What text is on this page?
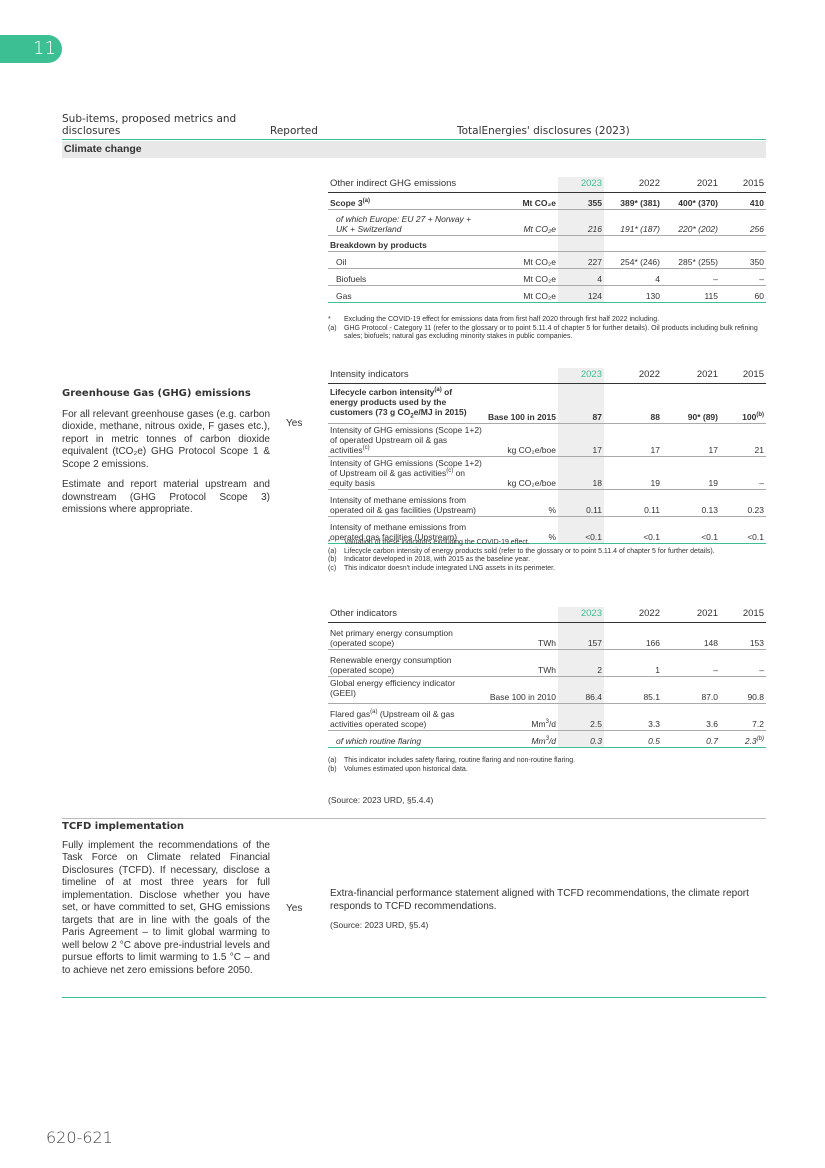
11
Sub-items, proposed metrics and disclosures	Reported	TotalEnergies' disclosures (2023)
Climate change
Other indirect GHG emissions		2023	2022	2021	2015
Scope 3$^{(a)}$	Mt CO₂e	355	389* (381)	400* (370)	410
of which Europe: EU 27 + Norway + UK + Switzerland	Mt CO₂e	216	191* (187)	220* (202)	256
Breakdown by products					
Oil	Mt CO₂e	227	254* (246)	285* (255)	350
Biofuels	Mt CO₂e	4	4	–	–
Gas	Mt CO₂e	124	130	115	60
*	Excluding the COVID-19 effect for emissions data from first half 2020 through first half 2022 including.
(a)	GHG Protocol - Category 11 (refer to the glossary or to point 5.11.4 of chapter 5 for further details). Oil products including bulk refining sales; biofuels; natural gas excluding minority stakes in public companies.
Greenhouse Gas (GHG) emissions

For all relevant greenhouse gases (e.g. carbon dioxide, methane, nitrous oxide, F gases etc.), report in metric tonnes of carbon dioxide equivalent (tCO₂e) GHG Protocol Scope 1 & Scope 2 emissions.

Estimate and report material upstream and downstream (GHG Protocol Scope 3) emissions where appropriate.

Yes
Intensity indicators		2023	2022	2021	2015
Lifecycle carbon intensity$^{(a)}$ of energy products used by the customers (73 g $CO_2e/MJ$ in 2015)	Base 100 in 2015	87	88	90* (89)	100$^{(b)}$
Intensity of GHG emissions (Scope 1+2) of operated Upstream oil & gas activities$^{(c)}$	kg CO₂e/boe	17	17	17	21
Intensity of GHG emissions (Scope 1+2) of Upstream oil & gas activities$^{(c)}$ on equity basis	kg CO₂e/boe	18	19	19	–
Intensity of methane emissions from operated oil & gas facilities (Upstream)	%	0.11	0.11	0.13	0.23
Intensity of methane emissions from operated gas facilities (Upstream)	%	<0.1	<0.1	<0.1	<0.1
*	Valuation of these indicators excluding the COVID-19 effect.
(a)	Lifecycle carbon intensity of energy products sold (refer to the glossary or to point 5.11.4 of chapter 5 for further details).
(b)	Indicator developed in 2018, with 2015 as the baseline year.
(c)	This indicator doesn't include integrated LNG assets in its perimeter.
Other indicators		2023	2022	2021	2015
Net primary energy consumption (operated scope)	TWh	157	166	148	153
Renewable energy consumption (operated scope)	TWh	2	1	–	–
Global energy efficiency indicator (GEEI)	Base 100 in 2010	86.4	85.1	87.0	90.8
Flared gas$^{(a)}$ (Upstream oil & gas activities operated scope)	Mm$^3$/d	2.5	3.3	3.6	7.2
of which routine flaring	Mm$^3$/d	0.3	0.5	0.7	2.3$^{(b)}$
(a)	This indicator includes safety flaring, routine flaring and non-routine flaring.
(b)	Volumes estimated upon historical data.
(Source: 2023 URD, §5.4.4)
TCFD implementation

Fully implement the recommendations of the Task Force on Climate related Financial Disclosures (TCFD). If necessary, disclose a timeline of at most three years for full implementation. Disclose whether you have set, or have committed to set, GHG emissions targets that are in line with the goals of the Paris Agreement – to limit global warming to well below 2 °C above pre-industrial levels and pursue efforts to limit warming to 1.5 °C – and to achieve net zero emissions before 2050.

Yes
Extra-financial performance statement aligned with TCFD recommendations, the climate report responds to TCFD recommendations.
(Source: 2023 URD, §5.4)
620-621
